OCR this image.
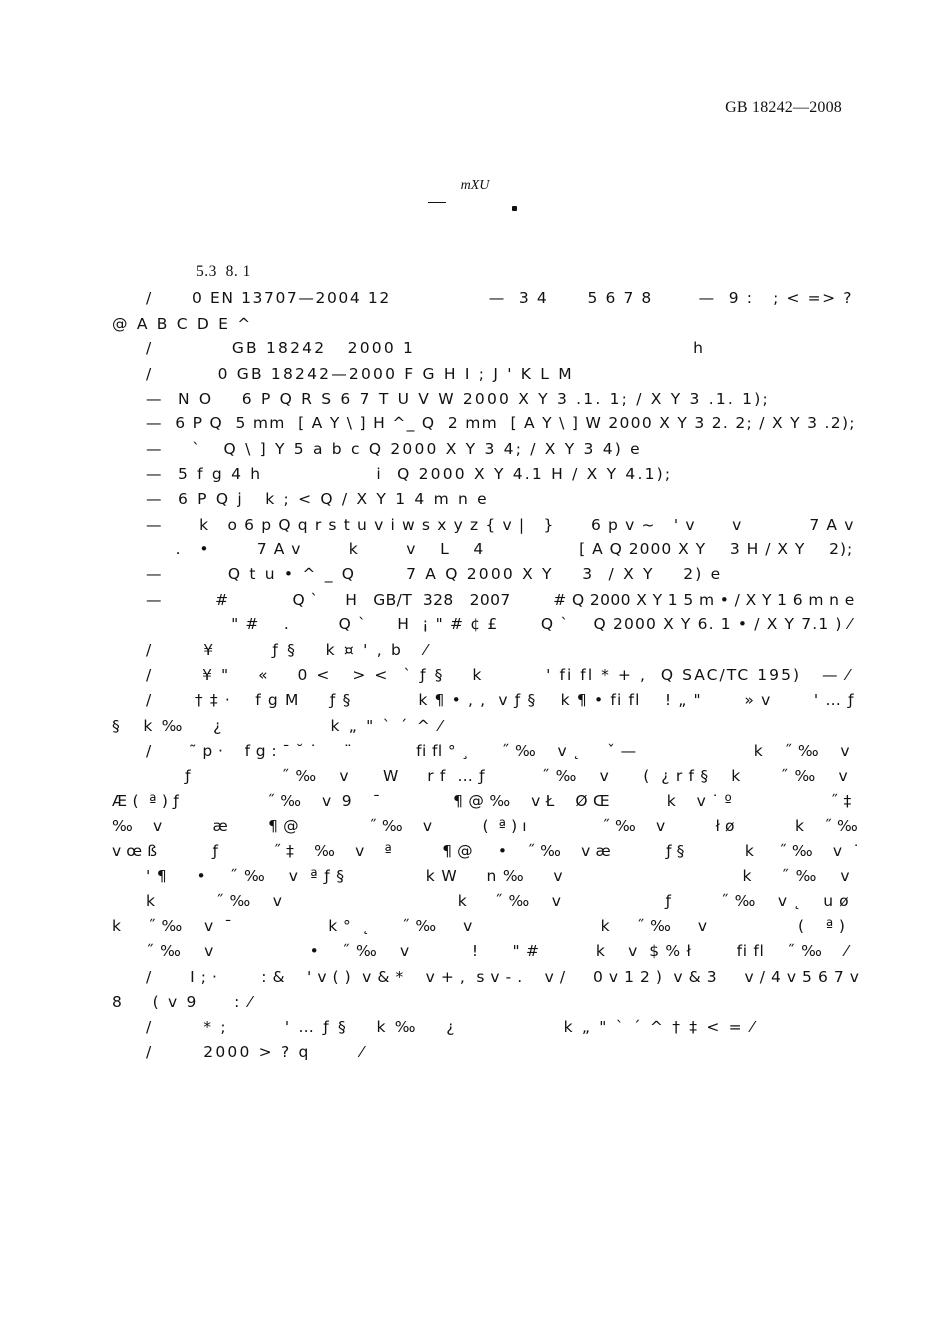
GB 18242—2008
mXU
5.3  8. 1
/      0 EN 13707—2004 12               —  3 4      5 6 7 8       —  9 :   ; < => ?
@ A B C D E ^
/           GB 18242   2000 1                                       h
/         0 GB 18242—2000 F G H I ; J ' K L M
—  N O    6 P Q R S 6 7 T U V W 2000 X Y 3 .1. 1; / X Y 3 .1. 1);
—  6 P Q  5 mm  [ A Y \ ] H ^_ Q  2 mm  [ A Y \ ] W 2000 X Y 3 2. 2; / X Y 3 .2);
—    `   Q \ ] Y 5 a b c Q 2000 X Y 3 4; / X Y 3 4) e
—  5 f g 4 h                i  Q 2000 X Y 4.1 H / X Y 4.1);
—  6 P Q j   k ; < Q / X Y 1 4 m n e
—      k   o 6 p Q q r s t u v i w s x y z { v |   }      6 p v ~   ' v      v           7 A v
.   •        7 A v        k        v    L    4                [ A Q 2000 X Y    3 H / X Y    2);
—         Q t u • ^ _ Q       7 A Q 2000 X Y    3  / X Y    2) e
—          #            Q `     H   GB/T  328   2007        # Q 2000 X Y 1 5 m • / X Y 1 6 m n e
" #    .        Q `     H  ¡ " # ¢ £       Q `    Q 2000 X Y 6. 1 • / X Y 7.1 ) ⁄
/       ¥        ƒ §    k ¤ ' , b   ⁄
/       ¥ "    «    0 <   > <  ` ƒ §    k         ' fi fl * + ,  Q SAC/TC 195)   — ⁄
/       † ‡ ·    f g M     ƒ §           k ¶ • , ,  v ƒ §    k ¶ • fi fl    ! „ "       » v       ' … ƒ
§   k ‰    ¿               k „ " ` ´ ^ ⁄
/       ˜ p ·    f g : ¯ ˘ ˙     ¨            fi fl ° ¸      ˝ ‰    v ˛     ˇ —                      k    ˝ ‰    v
ƒ                ˝ ‰    v      W     r f  … ƒ          ˝ ‰    v      (  ¿ r f §    k       ˝ ‰    v
Æ (  ª ) ƒ                 ˝ ‰    v  9    ¯              ¶ @ ‰    v Ł    Ø Œ           k    v ˙ º                   ˝ ‡
‰    v          æ        ¶ @              ˝ ‰    v          (  ª ) ı               ˝ ‰    v          ł ø            k    ˝ ‰
v œ ß           ƒ           ˝ ‡    ‰    v    ª          ¶ @     •    ˝ ‰    v æ           ƒ §            k     ˝ ‰    v  ˙
' ¶     •    ˝ ‰    v  ª ƒ §              k W     n ‰     v                               k     ˝ ‰    v
k           ˝ ‰    v                                k     ˝ ‰    v                   ƒ         ˝ ‰    v ˛    u ø
k     ˝ ‰    v  ¯                  k °  ˛      ˝ ‰     v                        k     ˝ ‰     v                 (    ª )
˝ ‰    v                 •    ˝ ‰    v           !      " #          k    v  $ % ł        fi fl    ˝ ‰    ⁄
/       I ; ·        : &    ' v ( )  v & *    v + ,  s v - .    v /     0 v 1 2 )  v & 3     v / 4 v 5 6 7 v
8    ( v 9     : ⁄
/       * ;        ' … ƒ §    k ‰    ¿               k „ " ` ´ ^ † ‡ < = ⁄
/       2000 > ? q       ⁄
